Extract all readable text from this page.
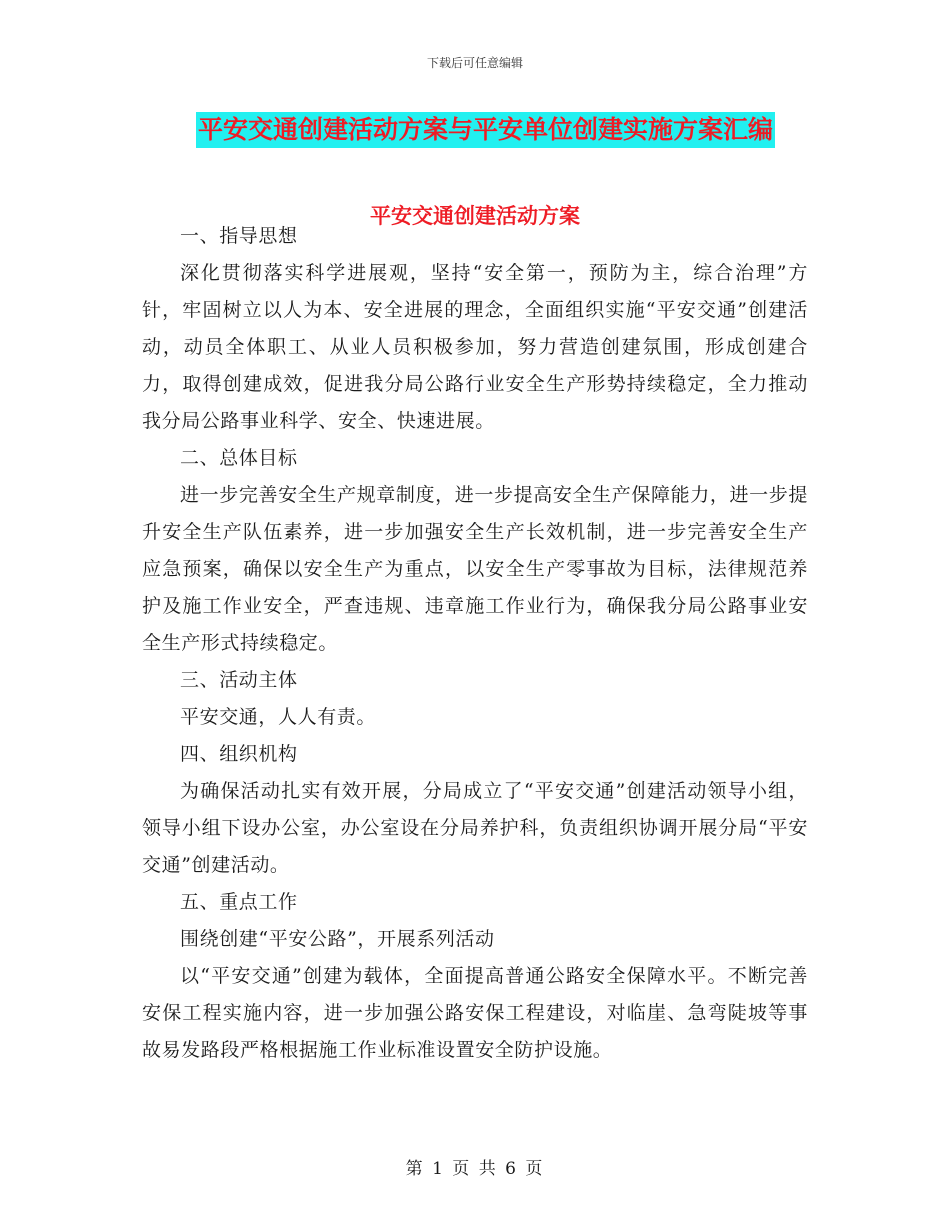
下载后可任意编辑
平安交通创建活动方案与平安单位创建实施方案汇编
平安交通创建活动方案

一、指导思想

深化贯彻落实科学进展观，坚持“安全第一，预防为主，综合治理”方针，牢固树立以人为本、安全进展的理念，全面组织实施“平安交通”创建活动，动员全体职工、从业人员积极参加，努力营造创建氛围，形成创建合力，取得创建成效，促进我分局公路行业安全生产形势持续稳定，全力推动我分局公路事业科学、安全、快速进展。

二、总体目标

进一步完善安全生产规章制度，进一步提高安全生产保障能力，进一步提升安全生产队伍素养，进一步加强安全生产长效机制，进一步完善安全生产应急预案，确保以安全生产为重点，以安全生产零事故为目标，法律规范养护及施工作业安全，严查违规、违章施工作业行为，确保我分局公路事业安全生产形式持续稳定。

三、活动主体

平安交通，人人有责。

四、组织机构

为确保活动扎实有效开展，分局成立了“平安交通”创建活动领导小组，领导小组下设办公室，办公室设在分局养护科，负责组织协调开展分局“平安交通”创建活动。

五、重点工作

围绕创建“平安公路”，开展系列活动

以“平安交通”创建为载体，全面提高普通公路安全保障水平。不断完善安保工程实施内容，进一步加强公路安保工程建设，对临崖、急弯陡坡等事故易发路段严格根据施工作业标准设置安全防护设施。

第 1 页 共 6 页
